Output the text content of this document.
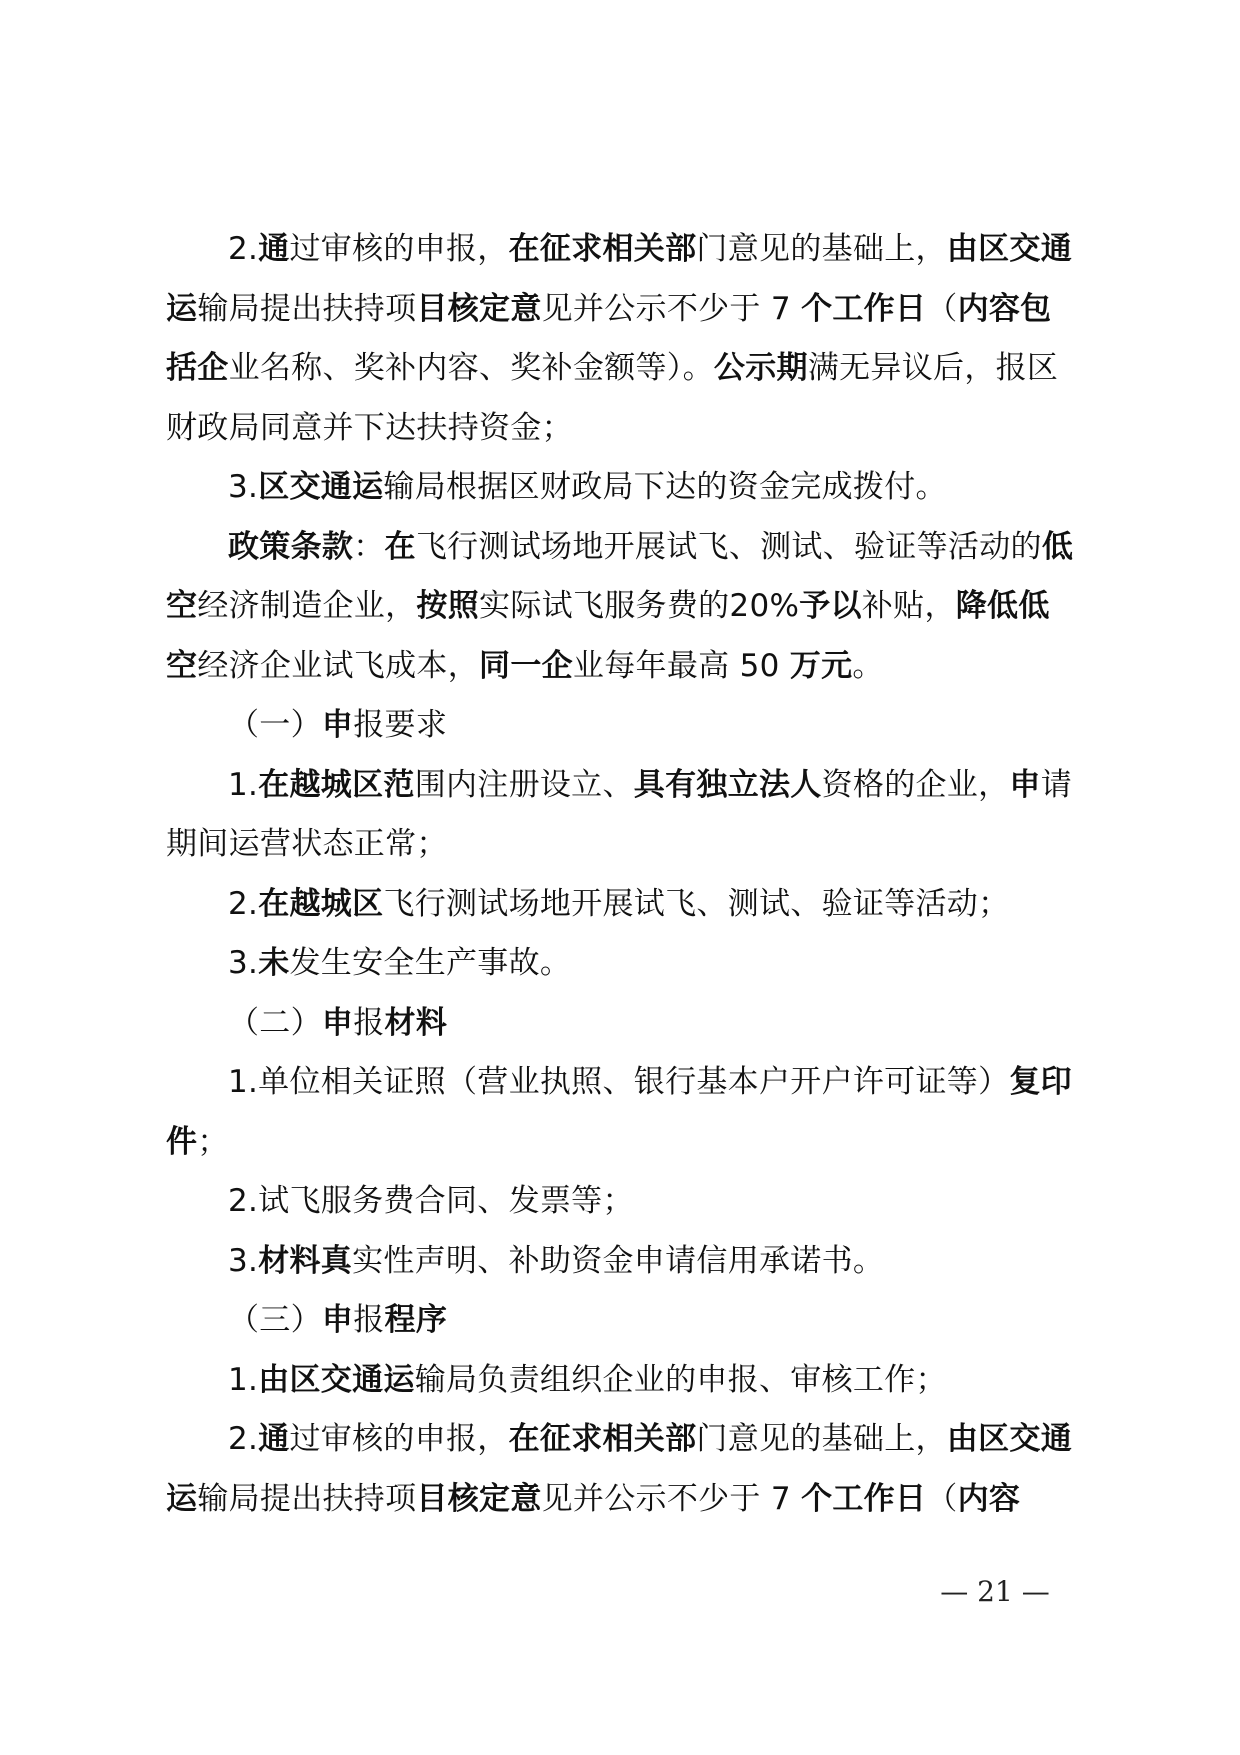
2.通过审核的申报，在征求相关部门意见的基础上，由区交通运输局提出扶持项目核定意见并公示不少于 7 个工作日（内容包括企业名称、奖补内容、奖补金额等）。公示期满无异议后，报区财政局同意并下达扶持资金；

3.区交通运输局根据区财政局下达的资金完成拨付。

政策条款：在飞行测试场地开展试飞、测试、验证等活动的低空经济制造企业，按照实际试飞服务费的20%予以补贴，降低低空经济企业试飞成本，同一企业每年最高 50 万元。

（一）申报要求

1.在越城区范围内注册设立、具有独立法人资格的企业，申请期间运营状态正常；

2.在越城区飞行测试场地开展试飞、测试、验证等活动；

3.未发生安全生产事故。

（二）申报材料

1.单位相关证照（营业执照、银行基本户开户许可证等）复印件；

2.试飞服务费合同、发票等；

3.材料真实性声明、补助资金申请信用承诺书。

（三）申报程序

1.由区交通运输局负责组织企业的申报、审核工作；

2.通过审核的申报，在征求相关部门意见的基础上，由区交通运输局提出扶持项目核定意见并公示不少于 7 个工作日（内容

— 21 —
